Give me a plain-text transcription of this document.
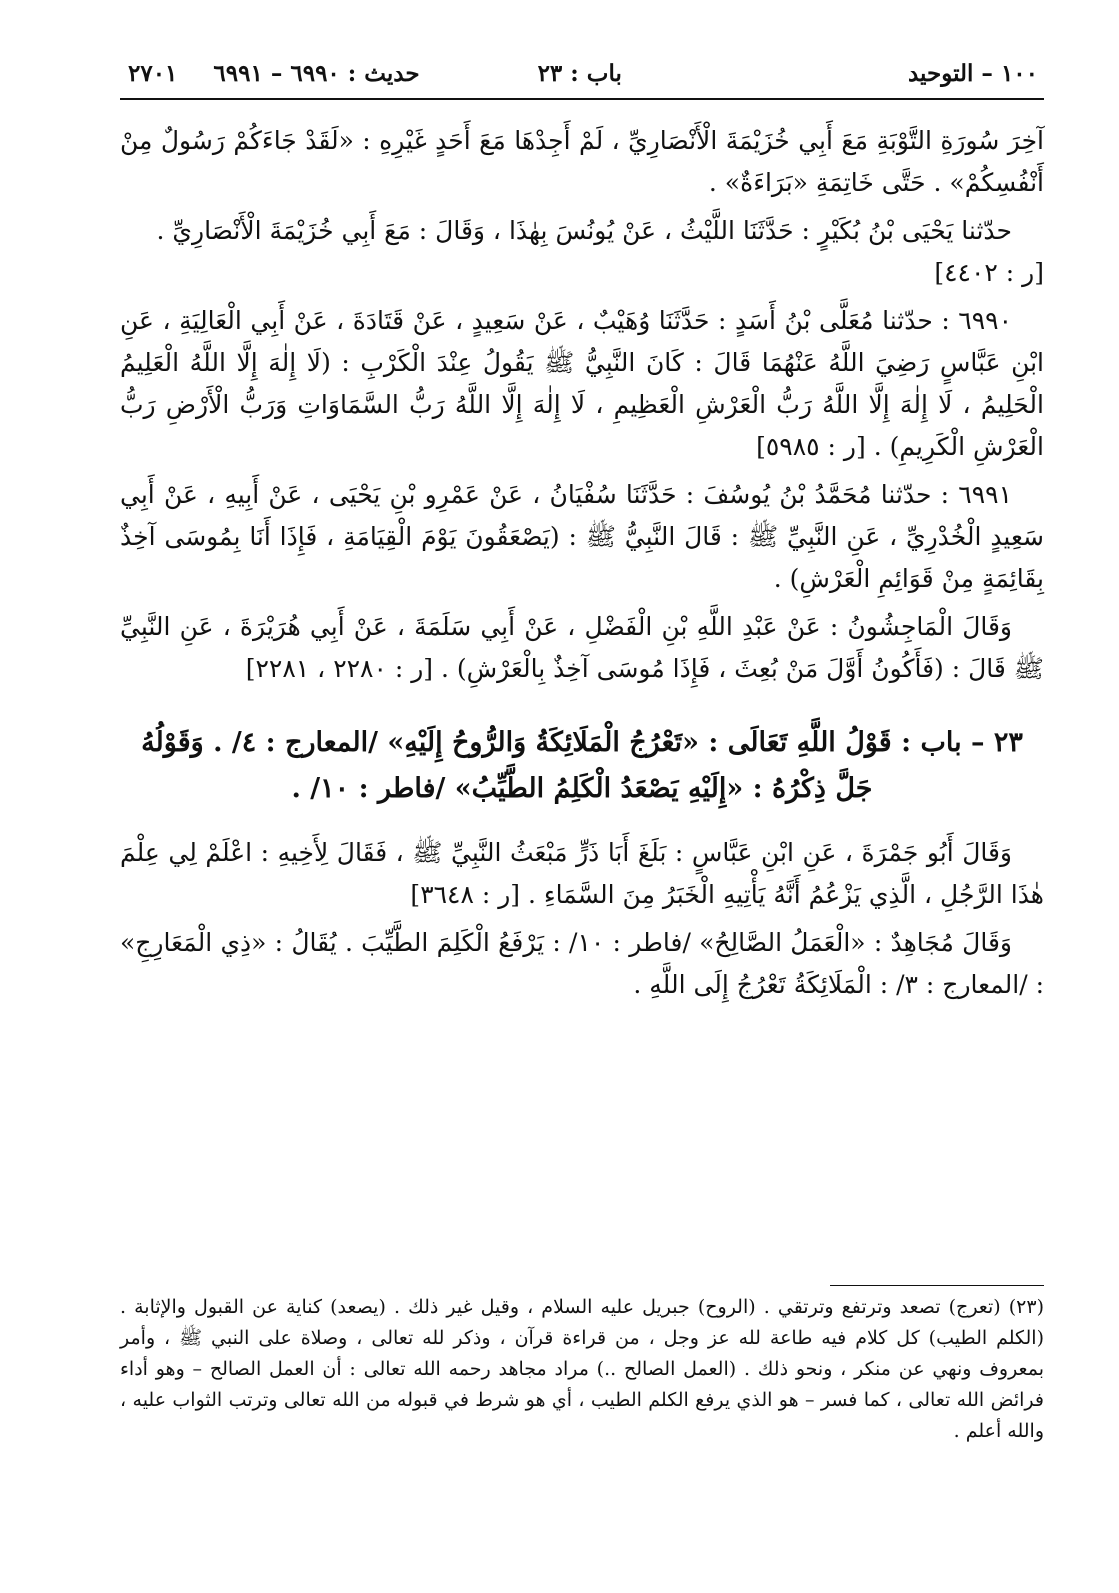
٢٧٠١ حديث : ٦٩٩٠ – ٦٩٩١	باب : ٢٣	١٠٠ – التوحيد

آخِرَ سُورَةِ التَّوْبَةِ مَعَ أَبِي خُزَيْمَةَ الْأَنْصَارِيِّ ، لَمْ أَجِدْهَا مَعَ أَحَدٍ غَيْرِهِ : «لَقَدْ جَاءَكُمْ رَسُولٌ مِنْ أَنْفُسِكُمْ» . حَتَّى خَاتِمَةِ «بَرَاءَةٌ» .

حدّثنا يَحْيَى بْنُ بُكَيْرٍ : حَدَّثَنَا اللَّيْثُ ، عَنْ يُونُسَ بِهٰذَا ، وَقَالَ : مَعَ أَبِي خُزَيْمَةَ الْأَنْصَارِيِّ .
[ر : ٤٤٠٢]

٦٩٩٠ : حدّثنا مُعَلَّى بْنُ أَسَدٍ : حَدَّثَنَا وُهَيْبٌ ، عَنْ سَعِيدٍ ، عَنْ قَتَادَةَ ، عَنْ أَبِي الْعَالِيَةِ ، عَنِ ابْنِ عَبَّاسٍ رَضِيَ اللَّهُ عَنْهُمَا قَالَ : كَانَ النَّبِيُّ ﷺ يَقُولُ عِنْدَ الْكَرْبِ : (لَا إِلٰهَ إِلَّا اللَّهُ الْعَلِيمُ الْحَلِيمُ ، لَا إِلٰهَ إِلَّا اللَّهُ رَبُّ الْعَرْشِ الْعَظِيمِ ، لَا إِلٰهَ إِلَّا اللَّهُ رَبُّ السَّمَاوَاتِ وَرَبُّ الْأَرْضِ رَبُّ الْعَرْشِ الْكَرِيمِ) . [ر : ٥٩٨٥]

٦٩٩١ : حدّثنا مُحَمَّدُ بْنُ يُوسُفَ : حَدَّثَنَا سُفْيَانُ ، عَنْ عَمْرِو بْنِ يَحْيَى ، عَنْ أَبِيهِ ، عَنْ أَبِي سَعِيدٍ الْخُدْرِيِّ ، عَنِ النَّبِيِّ ﷺ : قَالَ النَّبِيُّ ﷺ : (يَصْعَقُونَ يَوْمَ الْقِيَامَةِ ، فَإِذَا أَنَا بِمُوسَى آخِذٌ بِقَائِمَةٍ مِنْ قَوَائِمِ الْعَرْشِ) .

وَقَالَ الْمَاجِشُونُ : عَنْ عَبْدِ اللَّهِ بْنِ الْفَضْلِ ، عَنْ أَبِي سَلَمَةَ ، عَنْ أَبِي هُرَيْرَةَ ، عَنِ النَّبِيِّ ﷺ قَالَ : (فَأَكُونُ أَوَّلَ مَنْ بُعِثَ ، فَإِذَا مُوسَى آخِذٌ بِالْعَرْشِ) . [ر : ٢٢٨٠ ، ٢٢٨١]

٢٣ – باب : قَوْلُ اللَّهِ تَعَالَى : «تَعْرُجُ الْمَلَائِكَةُ وَالرُّوحُ إِلَيْهِ» /المعارج : ٤/ . وَقَوْلُهُ جَلَّ ذِكْرُهُ : «إِلَيْهِ يَصْعَدُ الْكَلِمُ الطَّيِّبُ» /فاطر : ١٠/ .

وَقَالَ أَبُو جَمْرَةَ ، عَنِ ابْنِ عَبَّاسٍ : بَلَغَ أَبَا ذَرٍّ مَبْعَثُ النَّبِيِّ ﷺ ، فَقَالَ لِأَخِيهِ : اعْلَمْ لِي عِلْمَ هٰذَا الرَّجُلِ ، الَّذِي يَزْعُمُ أَنَّهُ يَأْتِيهِ الْخَبَرُ مِنَ السَّمَاءِ . [ر : ٣٦٤٨]

وَقَالَ مُجَاهِدٌ : «الْعَمَلُ الصَّالِحُ» /فاطر : ١٠/ : يَرْفَعُ الْكَلِمَ الطَّيِّبَ . يُقَالُ : «ذِي الْمَعَارِجِ» : /المعارج : ٣/ : الْمَلَائِكَةُ تَعْرُجُ إِلَى اللَّهِ .

(٢٣) (تعرج) تصعد وترتفع وترتقي . (الروح) جبريل عليه السلام ، وقيل غير ذلك . (يصعد) كناية عن القبول والإثابة . (الكلم الطيب) كل كلام فيه طاعة لله عز وجل ، من قراءة قرآن ، وذكر لله تعالى ، وصلاة على النبي ﷺ ، وأمر بمعروف ونهي عن منكر ، ونحو ذلك . (العمل الصالح ..) مراد مجاهد رحمه الله تعالى : أن العمل الصالح – وهو أداء فرائض الله تعالى ، كما فسر – هو الذي يرفع الكلم الطيب ، أي هو شرط في قبوله من الله تعالى وترتب الثواب عليه ، والله أعلم .
